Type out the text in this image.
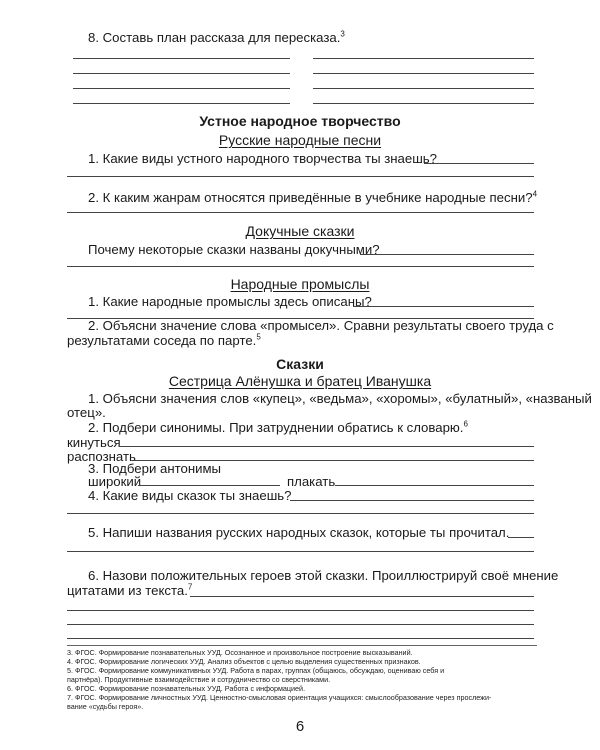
8. Составь план рассказа для пересказа.$^3$
Устное народное творчество
Русские народные песни
1. Какие виды устного народного творчества ты знаешь?
2. К каким жанрам относятся приведённые в учебнике народные песни?$^4$
Докучные сказки
Почему некоторые сказки названы докучными?
Народные промыслы
1. Какие народные промыслы здесь описаны?
2. Объясни значение слова «промысел». Сравни результаты своего труда с
результатами соседа по парте.$^5$
Сказки
Сестрица Алёнушка и братец Иванушка
1. Объясни значения слов «купец», «ведьма», «хоромы», «булатный», «названый
отец».
2. Подбери синонимы. При затруднении обратись к словарю.$^6$
кинуться
распознать
3. Подбери антонимы
широкий	плакать
4. Какие виды сказок ты знаешь?
5. Напиши названия русских народных сказок, которые ты прочитал.
6. Назови положительных героев этой сказки. Проиллюстрируй своё мнение
цитатами из текста.$^7$
3. ФГОС. Формирование познавательных УУД. Осознанное и произвольное построение высказываний.
4. ФГОС. Формирование логических УУД. Анализ объектов с целью выделения существенных признаков.
5. ФГОС. Формирование коммуникативных УУД. Работа в парах, группах (общаюсь, обсуждаю, оцениваю себя и
партнёра). Продуктивные взаимодействие и сотрудничество со сверстниками.
6. ФГОС. Формирование познавательных УУД. Работа с информацией.
7. ФГОС. Формирование личностных УУД. Ценностно-смысловая ориентация учащихся: смыслообразование через прослежи-
вание «судьбы героя».
6
